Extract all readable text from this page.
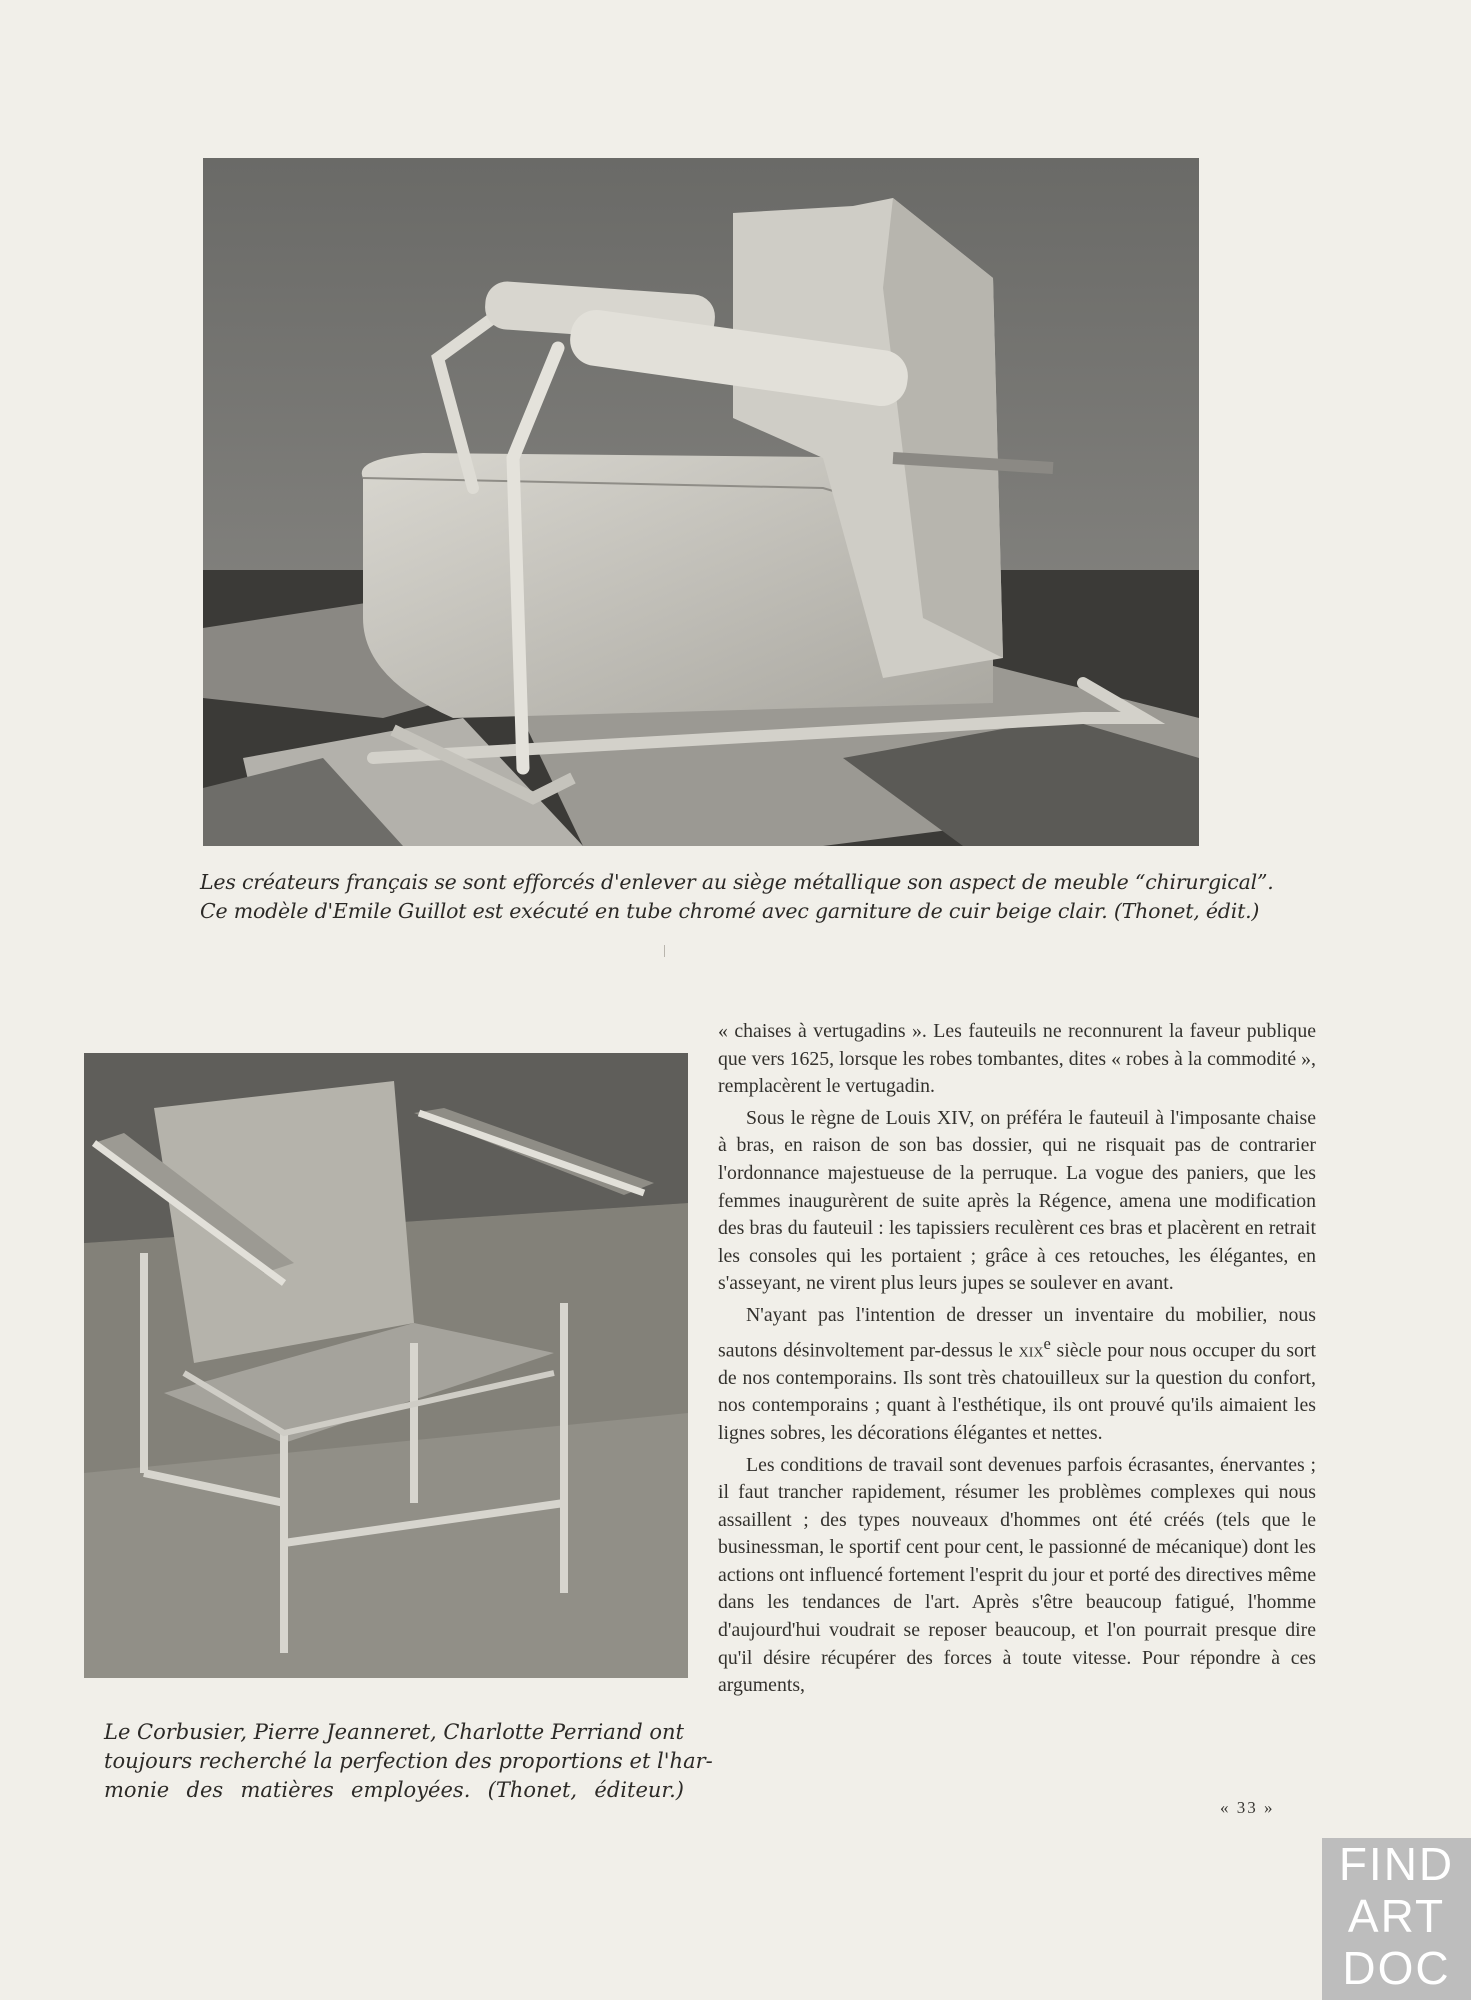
Les créateurs français se sont efforcés d'enlever au siège métallique son aspect de meuble “chirurgical”.
Ce modèle d'Emile Guillot est exécuté en tube chromé avec garniture de cuir beige clair. (Thonet, édit.)
Le Corbusier, Pierre Jeanneret, Charlotte Perriand ont
toujours recherché la perfection des proportions et l'har-
monie des matières employées. (Thonet, éditeur.)

« chaises à vertugadins ». Les fauteuils ne reconnurent la faveur publique que vers 1625, lorsque les robes tombantes, dites « robes à la commodité », remplacèrent le vertugadin.

Sous le règne de Louis XIV, on préféra le fauteuil à l'imposante chaise à bras, en raison de son bas dossier, qui ne risquait pas de contrarier l'ordonnance majestueuse de la perruque. La vogue des paniers, que les femmes inaugurèrent de suite après la Régence, amena une modification des bras du fauteuil : les tapissiers reculèrent ces bras et placèrent en retrait les consoles qui les portaient ; grâce à ces retouches, les élégantes, en s'asseyant, ne virent plus leurs jupes se soulever en avant.

N'ayant pas l'intention de dresser un inventaire du mobilier, nous sautons désinvoltement par-dessus le xix$^e$ siècle pour nous occuper du sort de nos contemporains. Ils sont très chatouilleux sur la question du confort, nos contemporains ; quant à l'esthétique, ils ont prouvé qu'ils aimaient les lignes sobres, les décorations élégantes et nettes.

Les conditions de travail sont devenues parfois écrasantes, énervantes ; il faut trancher rapidement, résumer les problèmes complexes qui nous assaillent ; des types nouveaux d'hommes ont été créés (tels que le businessman, le sportif cent pour cent, le passionné de mécanique) dont les actions ont influencé fortement l'esprit du jour et porté des directives même dans les tendances de l'art. Après s'être beaucoup fatigué, l'homme d'aujourd'hui voudrait se reposer beaucoup, et l'on pourrait presque dire qu'il désire récupérer des forces à toute vitesse. Pour répondre à ces arguments,

« 33 »
FIND
ART
DOC
